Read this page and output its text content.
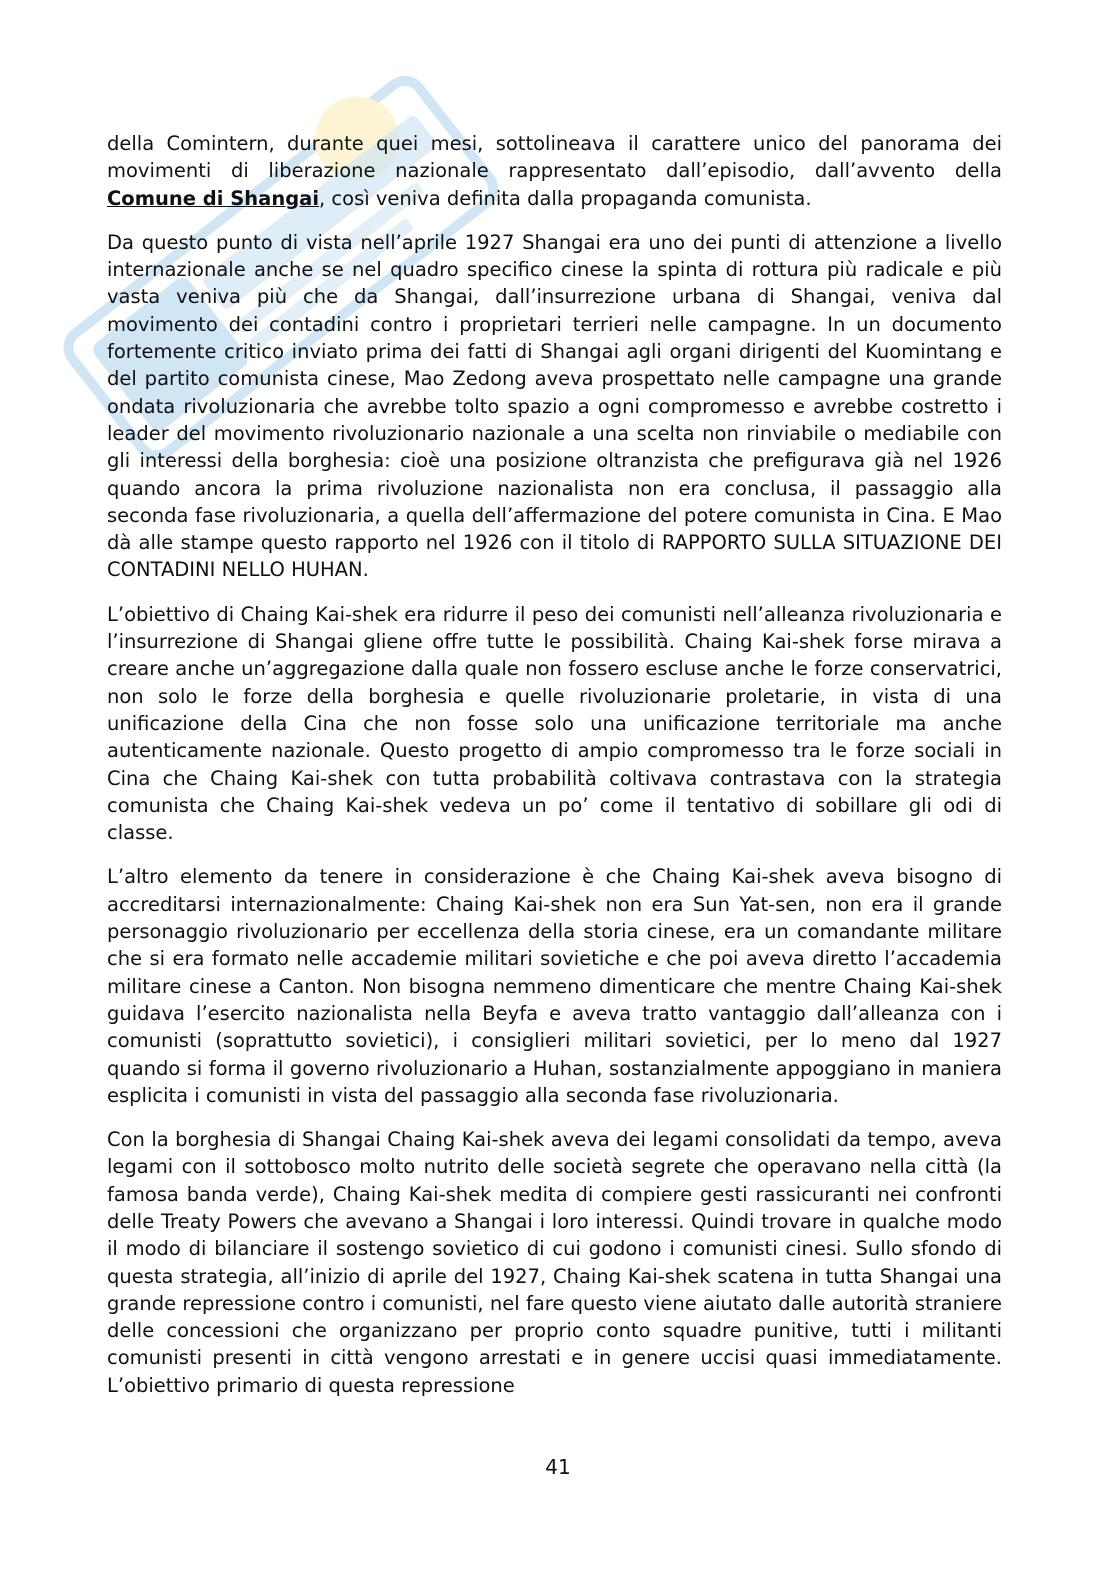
della Comintern, durante quei mesi, sottolineava il carattere unico del panorama dei movimenti di liberazione nazionale rappresentato dall’episodio, dall’avvento della Comune di Shangai, così veniva definita dalla propaganda comunista.

Da questo punto di vista nell’aprile 1927 Shangai era uno dei punti di attenzione a livello internazionale anche se nel quadro specifico cinese la spinta di rottura più radicale e più vasta veniva più che da Shangai, dall’insurrezione urbana di Shangai, veniva dal movimento dei contadini contro i proprietari terrieri nelle campagne. In un documento fortemente critico inviato prima dei fatti di Shangai agli organi dirigenti del Kuomintang e del partito comunista cinese, Mao Zedong aveva prospettato nelle campagne una grande ondata rivoluzionaria che avrebbe tolto spazio a ogni compromesso e avrebbe costretto i leader del movimento rivoluzionario nazionale a una scelta non rinviabile o mediabile con gli interessi della borghesia: cioè una posizione oltranzista che prefigurava già nel 1926 quando ancora la prima rivoluzione nazionalista non era conclusa, il passaggio alla seconda fase rivoluzionaria, a quella dell’affermazione del potere comunista in Cina. E Mao dà alle stampe questo rapporto nel 1926 con il titolo di RAPPORTO SULLA SITUAZIONE DEI CONTADINI NELLO HUHAN.

L’obiettivo di Chaing Kai-shek era ridurre il peso dei comunisti nell’alleanza rivoluzionaria e l’insurrezione di Shangai gliene offre tutte le possibilità. Chaing Kai-shek forse mirava a creare anche un’aggregazione dalla quale non fossero escluse anche le forze conservatrici, non solo le forze della borghesia e quelle rivoluzionarie proletarie, in vista di una unificazione della Cina che non fosse solo una unificazione territoriale ma anche autenticamente nazionale. Questo progetto di ampio compromesso tra le forze sociali in Cina che Chaing Kai-shek con tutta probabilità coltivava contrastava con la strategia comunista che Chaing Kai-shek vedeva un po’ come il tentativo di sobillare gli odi di classe.

L’altro elemento da tenere in considerazione è che Chaing Kai-shek aveva bisogno di accreditarsi internazionalmente: Chaing Kai-shek non era Sun Yat-sen, non era il grande personaggio rivoluzionario per eccellenza della storia cinese, era un comandante militare che si era formato nelle accademie militari sovietiche e che poi aveva diretto l’accademia militare cinese a Canton. Non bisogna nemmeno dimenticare che mentre Chaing Kai-shek guidava l’esercito nazionalista nella Beyfa e aveva tratto vantaggio dall’alleanza con i comunisti (soprattutto sovietici), i consiglieri militari sovietici, per lo meno dal 1927 quando si forma il governo rivoluzionario a Huhan, sostanzialmente appoggiano in maniera esplicita i comunisti in vista del passaggio alla seconda fase rivoluzionaria.

Con la borghesia di Shangai Chaing Kai-shek aveva dei legami consolidati da tempo, aveva legami con il sottobosco molto nutrito delle società segrete che operavano nella città (la famosa banda verde), Chaing Kai-shek medita di compiere gesti rassicuranti nei confronti delle Treaty Powers che avevano a Shangai i loro interessi. Quindi trovare in qualche modo il modo di bilanciare il sostengo sovietico di cui godono i comunisti cinesi. Sullo sfondo di questa strategia, all’inizio di aprile del 1927, Chaing Kai-shek scatena in tutta Shangai una grande repressione contro i comunisti, nel fare questo viene aiutato dalle autorità straniere delle concessioni che organizzano per proprio conto squadre punitive, tutti i militanti comunisti presenti in città vengono arrestati e in genere uccisi quasi immediatamente. L’obiettivo primario di questa repressione

41
